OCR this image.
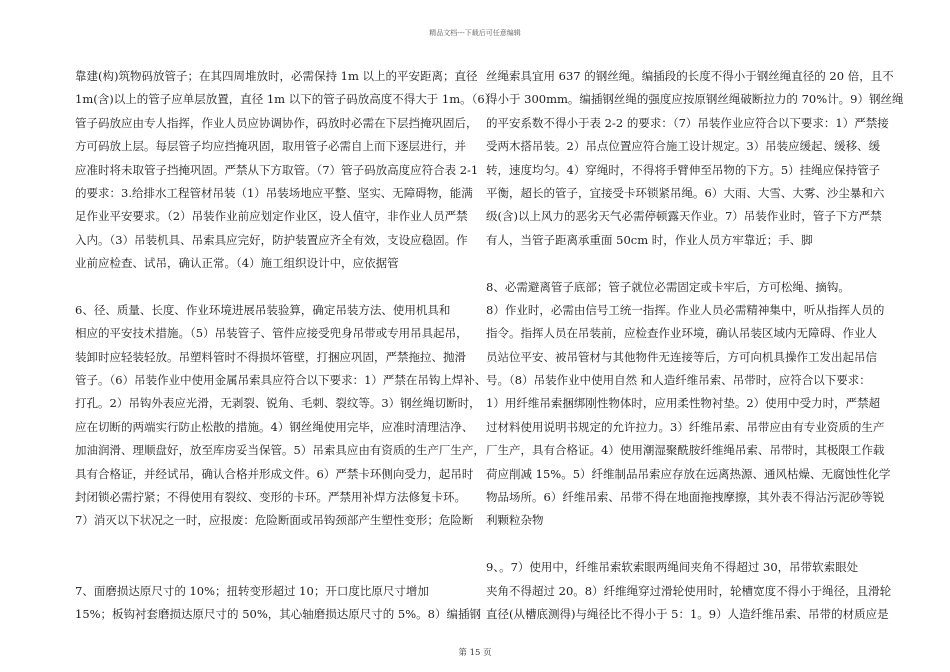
精品文档---下载后可任意编辑
靠建(构)筑物码放管子；在其四周堆放时，必需保持 1m 以上的平安距离；直径
1m(含)以上的管子应单层放置，直径 1m 以下的管子码放高度不得大于 1m。（6）
管子码放应由专人指挥，作业人员应协调协作，码放时必需在下层挡掩巩固后，
方可码放上层。每层管子均应挡掩巩固，取用管子必需自上而下逐层进行，并
应准时将未取管子挡掩巩固。严禁从下方取管。（7）管子码放高度应符合表 2-1
的要求：3.给排水工程管材吊装（1）吊装场地应平整、坚实、无障碍物，能满
足作业平安要求。（2）吊装作业前应划定作业区，设人值守，非作业人员严禁
入内。（3）吊装机具、吊索具应完好，防护装置应齐全有效，支设应稳固。作
业前应检查、试吊，确认正常。（4）施工组织设计中，应依据管
6、径、质量、长度、作业环境进展吊装验算，确定吊装方法、使用机具和
相应的平安技术措施。（5）吊装管子、管件应接受兜身吊带或专用吊具起吊，
装卸时应轻装轻放。吊塑料管时不得损坏管壁，打捆应巩固，严禁拖拉、抛滑
管子。（6）吊装作业中使用金属吊索具应符合以下要求：1）严禁在吊钩上焊补、
打孔。2）吊钩外表应光滑，无剥裂、锐角、毛刺、裂纹等。3）钢丝绳切断时，
应在切断的两端实行防止松散的措施。4）钢丝绳使用完毕，应准时清理洁净、
加油润滑、理顺盘好，放至库房妥当保管。5）吊索具应由有资质的生产厂生产，
具有合格证，并经试吊，确认合格并形成文件。6）严禁卡环侧向受力，起吊时
封闭锁必需拧紧；不得使用有裂纹、变形的卡环。严禁用补焊方法修复卡环。
7）消灭以下状况之一时，应报废：危险断面或吊钩颈部产生塑性变形；危险断
7、面磨损达原尺寸的 10%；扭转变形超过 10；开口度比原尺寸增加
15%；板钩衬套磨损达原尺寸的 50%，其心轴磨损达原尺寸的 5%。8）编插钢
丝绳索具宜用 637 的钢丝绳。编插段的长度不得小于钢丝绳直径的 20 倍，且不
得小于 300mm。编插钢丝绳的强度应按原钢丝绳破断拉力的 70%计。9）钢丝绳
的平安系数不得小于表 2-2 的要求：（7）吊装作业应符合以下要求：1）严禁接
受两木搭吊装。2）吊点位置应符合施工设计规定。3）吊装应缓起、缓移、缓
转，速度均匀。4）穿绳时，不得将手臂伸至吊物的下方。5）挂绳应保持管子
平衡，超长的管子，宜接受卡环锁紧吊绳。6）大雨、大雪、大雾、沙尘暴和六
级(含)以上风力的恶劣天气必需停顿露天作业。7）吊装作业时，管子下方严禁
有人，当管子距离承重面 50cm 时，作业人员方牢靠近；手、脚
8、必需避离管子底部；管子就位必需固定或卡牢后，方可松绳、摘钩。
8）作业时，必需由信号工统一指挥。作业人员必需精神集中，听从指挥人员的
指令。指挥人员在吊装前，应检查作业环境，确认吊装区域内无障碍、作业人
员站位平安、被吊管材与其他物件无连接等后，方可向机具操作工发出起吊信
号。（8）吊装作业中使用自然 和人造纤维吊索、吊带时，应符合以下要求：
1）用纤维吊索捆绑刚性物体时，应用柔性物衬垫。2）使用中受力时，严禁超
过材料使用说明书规定的允许拉力。3）纤维吊索、吊带应由有专业资质的生产
厂生产，具有合格证。4）使用潮湿聚酰胺纤维绳吊索、吊带时，其极限工作载
荷应削减 15%。5）纤维制品吊索应存放在远离热源、通风枯燥、无腐蚀性化学
物品场所。6）纤维吊索、吊带不得在地面拖拽摩擦，其外表不得沾污泥砂等锐
利颗粒杂物
9、。7）使用中，纤维吊索软索眼两绳间夹角不得超过 30，吊带软索眼处
夹角不得超过 20。8）纤维绳穿过滑轮使用时，轮槽宽度不得小于绳径，且滑轮
直径(从槽底测得)与绳径比不得小于 5：1。9）人造纤维吊索、吊带的材质应是
第 15 页
